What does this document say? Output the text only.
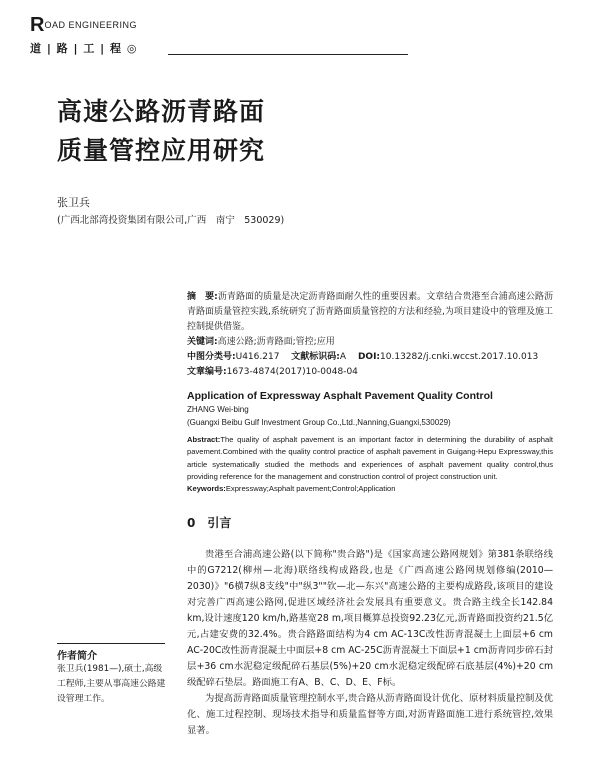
ROAD ENGINEERING
道 | 路 | 工 | 程 ◎
高速公路沥青路面
质量管控应用研究
张卫兵
(广西北部湾投资集团有限公司,广西　南宁　530029)
摘　要:沥青路面的质量是决定沥青路面耐久性的重要因素。文章结合贵港至合浦高速公路沥青路面质量管控实践,系统研究了沥青路面质量管控的方法和经验,为项目建设中的管理及施工控制提供借鉴。
关键词:高速公路;沥青路面;管控;应用
中图分类号:U416.217　 文献标识码:A　 DOI:10.13282/j.cnki.wccst.2017.10.013
文章编号:1673-4874(2017)10-0048-04
Application of Expressway Asphalt Pavement Quality Control
ZHANG Wei-bing
(Guangxi Beibu Gulf Investment Group Co.,Ltd.,Nanning,Guangxi,530029)
Abstract:The quality of asphalt pavement is an important factor in determining the durability of asphalt pavement.Combined with the quality control practice of asphalt pavement in Guigang-Hepu Expressway,this article systematically studied the methods and experiences of asphalt pavement quality control,thus providing reference for the management and construction control of project construction unit.
Keywords:Expressway;Asphalt pavement;Control;Application
0　引言
贵港至合浦高速公路(以下简称"贵合路")是《国家高速公路网规划》第381条联络线中的G7212(柳州—北海)联络线构成路段,也是《广西高速公路网规划修编(2010—2030)》"6横7纵8支线"中"纵3""钦—北—东兴"高速公路的主要构成路段,该项目的建设对完善广西高速公路网,促进区域经济社会发展具有重要意义。贵合路主线全长142.84 km,设计速度120 km/h,路基宽28 m,项目概算总投资92.23亿元,沥青路面投资约21.5亿元,占建安费的32.4%。贵合路路面结构为4 cm AC-13C改性沥青混凝土上面层+6 cm AC-20C改性沥青混凝土中面层+8 cm AC-25C沥青混凝土下面层+1 cm沥青同步碎石封层+36 cm水泥稳定级配碎石基层(5%)+20 cm水泥稳定级配碎石底基层(4%)+20 cm级配碎石垫层。路面施工有A、B、C、D、E、F标。
为提高沥青路面质量管理控制水平,贵合路从沥青路面设计优化、原材料质量控制及优化、施工过程控制、现场技术指导和质量监督等方面,对沥青路面施工进行系统管控,效果显著。
作者简介
张卫兵(1981—),硕士,高级工程师,主要从事高速公路建设管理工作。
